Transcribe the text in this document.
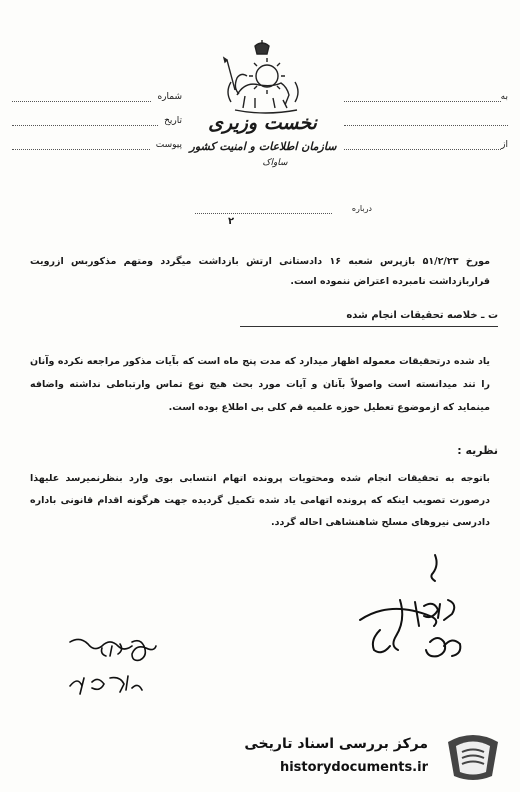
شماره
تاریخ
پیوست
به
از
نخست وزیری
سازمان اطلاعات و امنیت کشور
ساواک
درباره
۲
مورخ ۵۱/۲/۲۳ بازپرس شعبه ۱۶ دادستانی ارتش بازداشت میگردد ومتهم مذکوربس ازرویت قراربازداشت نامبرده اعتراض ننموده است.
ت ـ خلاصه تحقیقات انجام شده
یاد شده درتحقیقات معموله اظهار میدارد که مدت پنج ماه است که بآیات مذکور مراجعه نکرده وآنان را تند میدانسته است واصولاً بآنان و آیات مورد بحث هیچ نوع تماس وارتباطی نداشته واضافه مینماید که ازموضوع تعطیل حوزه علمیه قم کلی بی اطلاع بوده است.
نظریه :
باتوجه به تحقیقات انجام شده ومحتویات پرونده اتهام انتسابی بوی وارد بنظرنمیرسد علیهذا درصورت تصویب اینکه که پرونده اتهامی یاد شده تکمیل گردیده جهت هرگونه اقدام قانونی باداره دادرسی نیروهای مسلح شاهنشاهی احاله گردد.
مرکز بررسی اسناد تاریخی
historydocuments.ir
